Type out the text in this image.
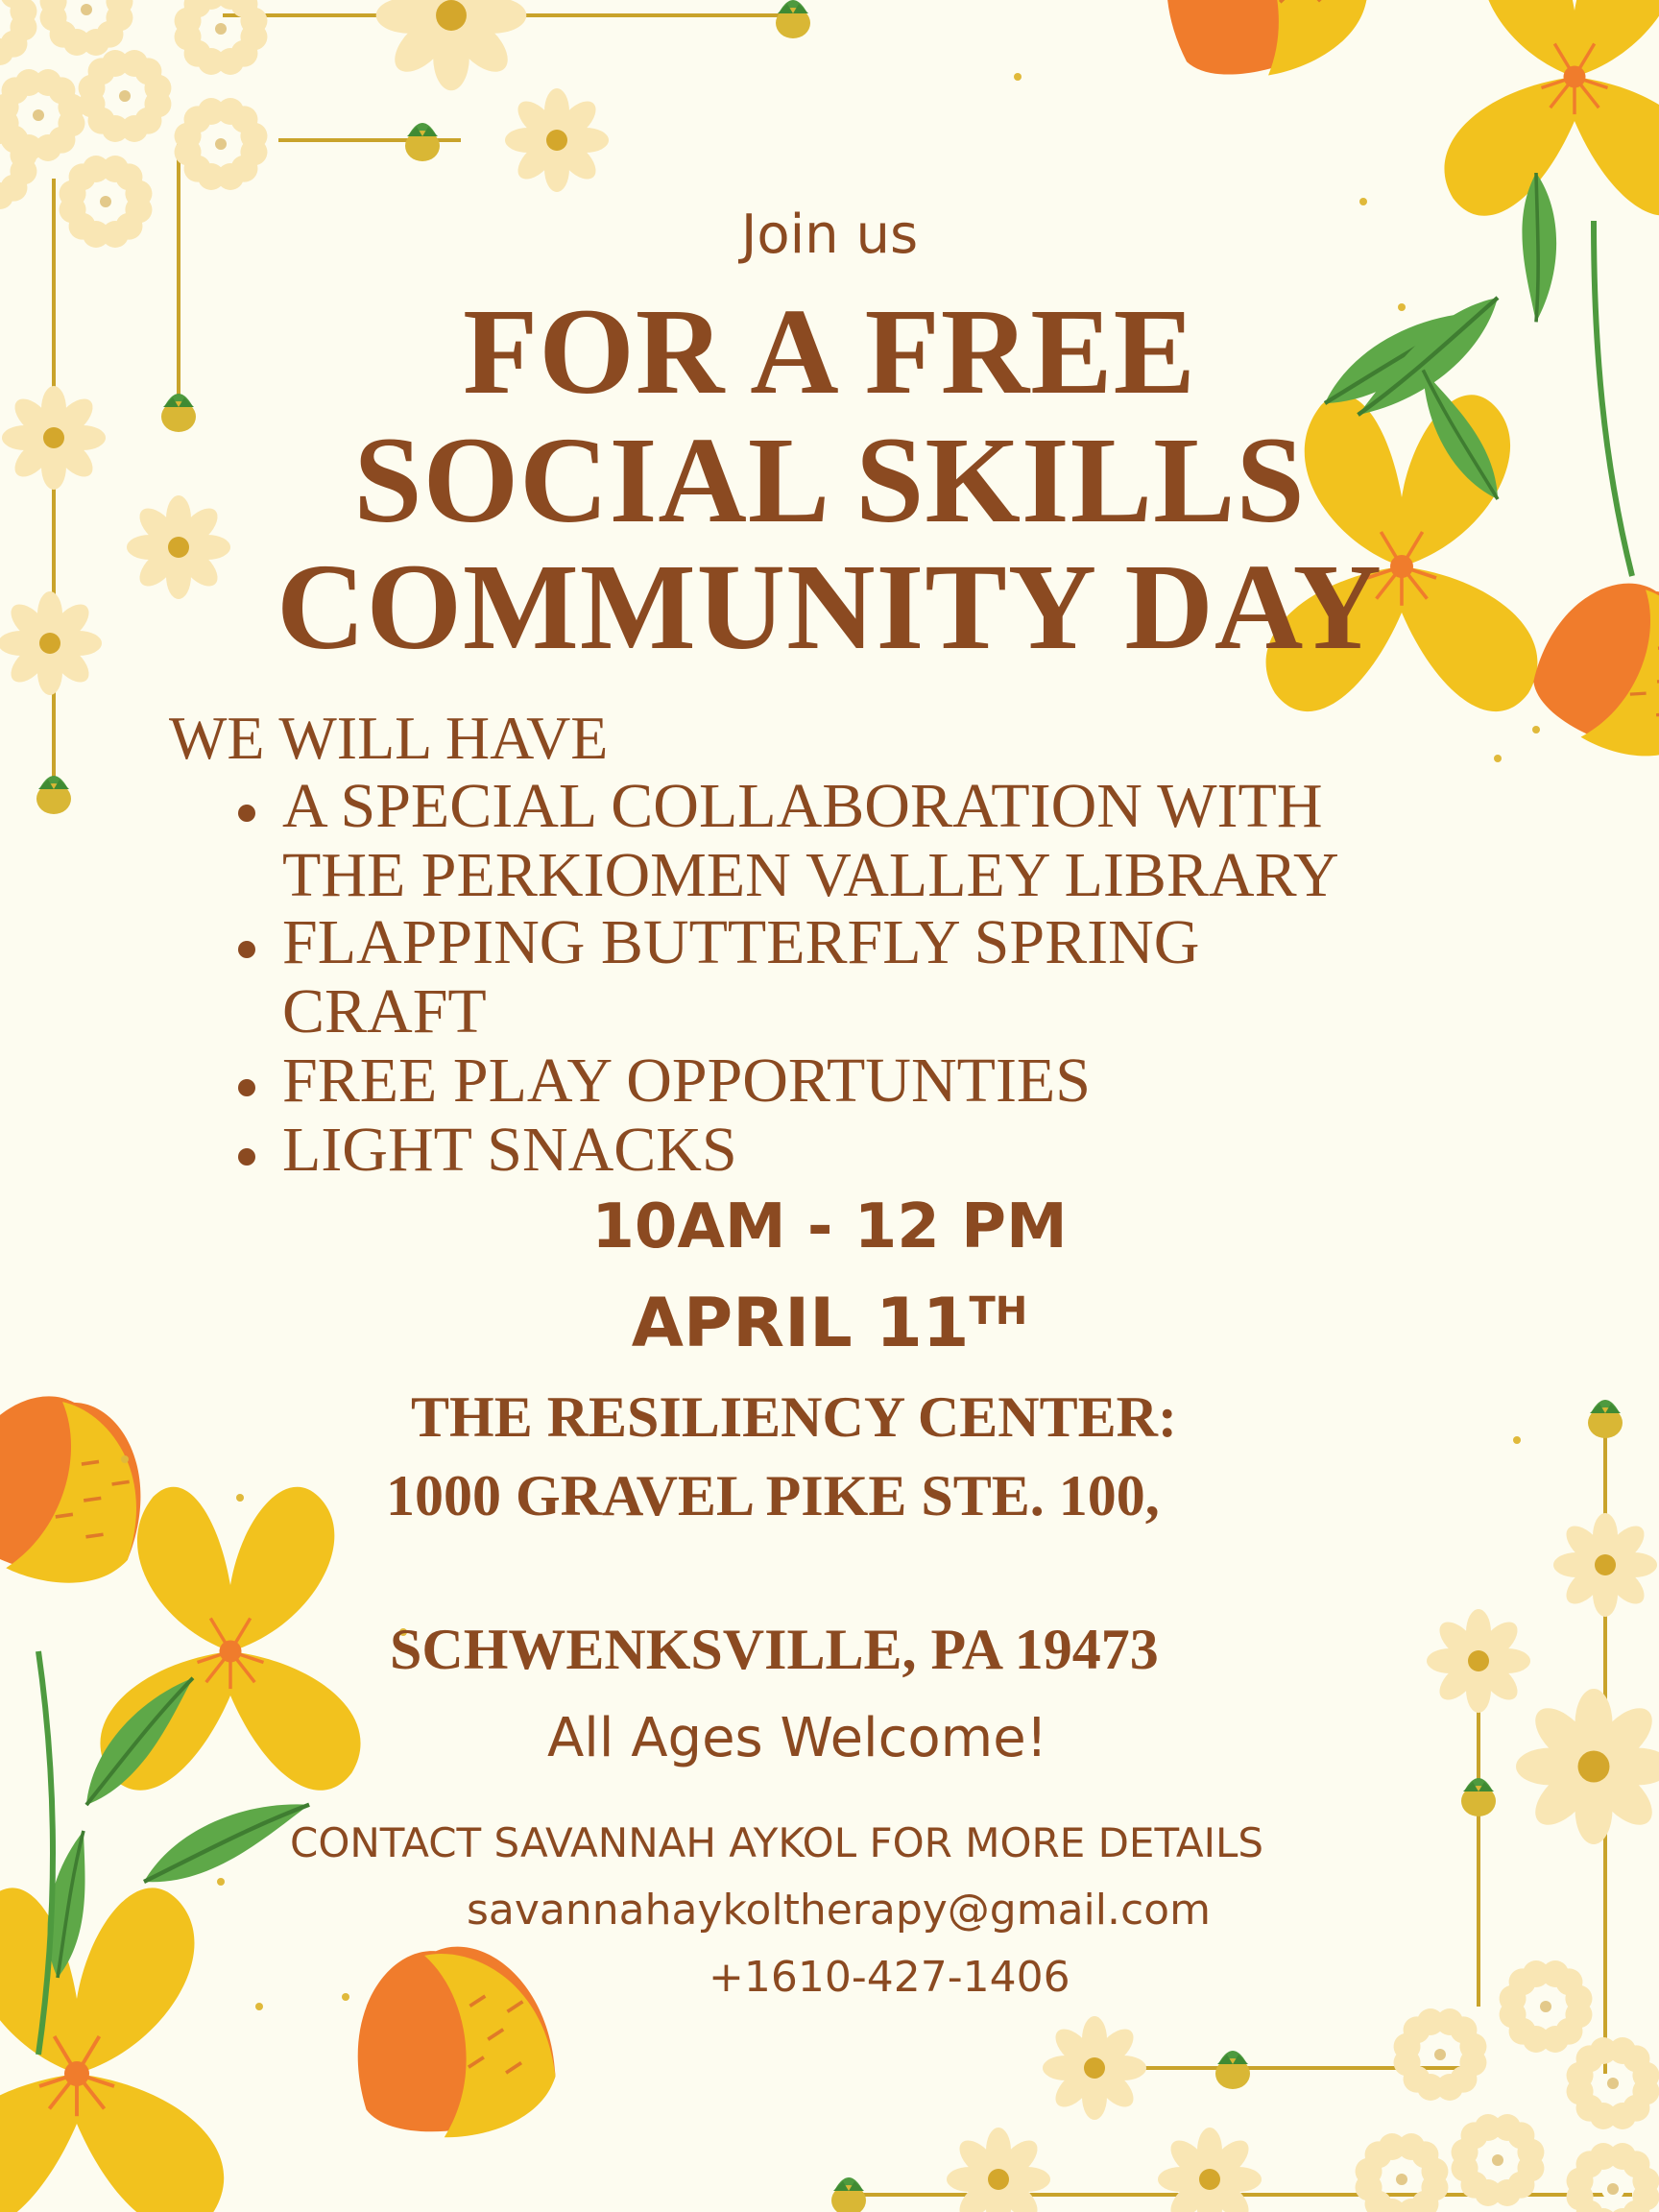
Join us

FOR A FREE
SOCIAL SKILLS
COMMUNITY DAY

WE WILL HAVE

A SPECIAL COLLABORATION WITH

THE PERKIOMEN VALLEY LIBRARY

FLAPPING BUTTERFLY SPRING

CRAFT

FREE PLAY OPPORTUNTIES

LIGHT SNACKS

10AM - 12 PM

APRIL 11TH

THE RESILIENCY CENTER:

1000 GRAVEL PIKE STE. 100,

SCHWENKSVILLE, PA 19473

All Ages Welcome!

CONTACT SAVANNAH AYKOL FOR MORE DETAILS

savannahaykoltherapy@gmail.com

+1610-427-1406
